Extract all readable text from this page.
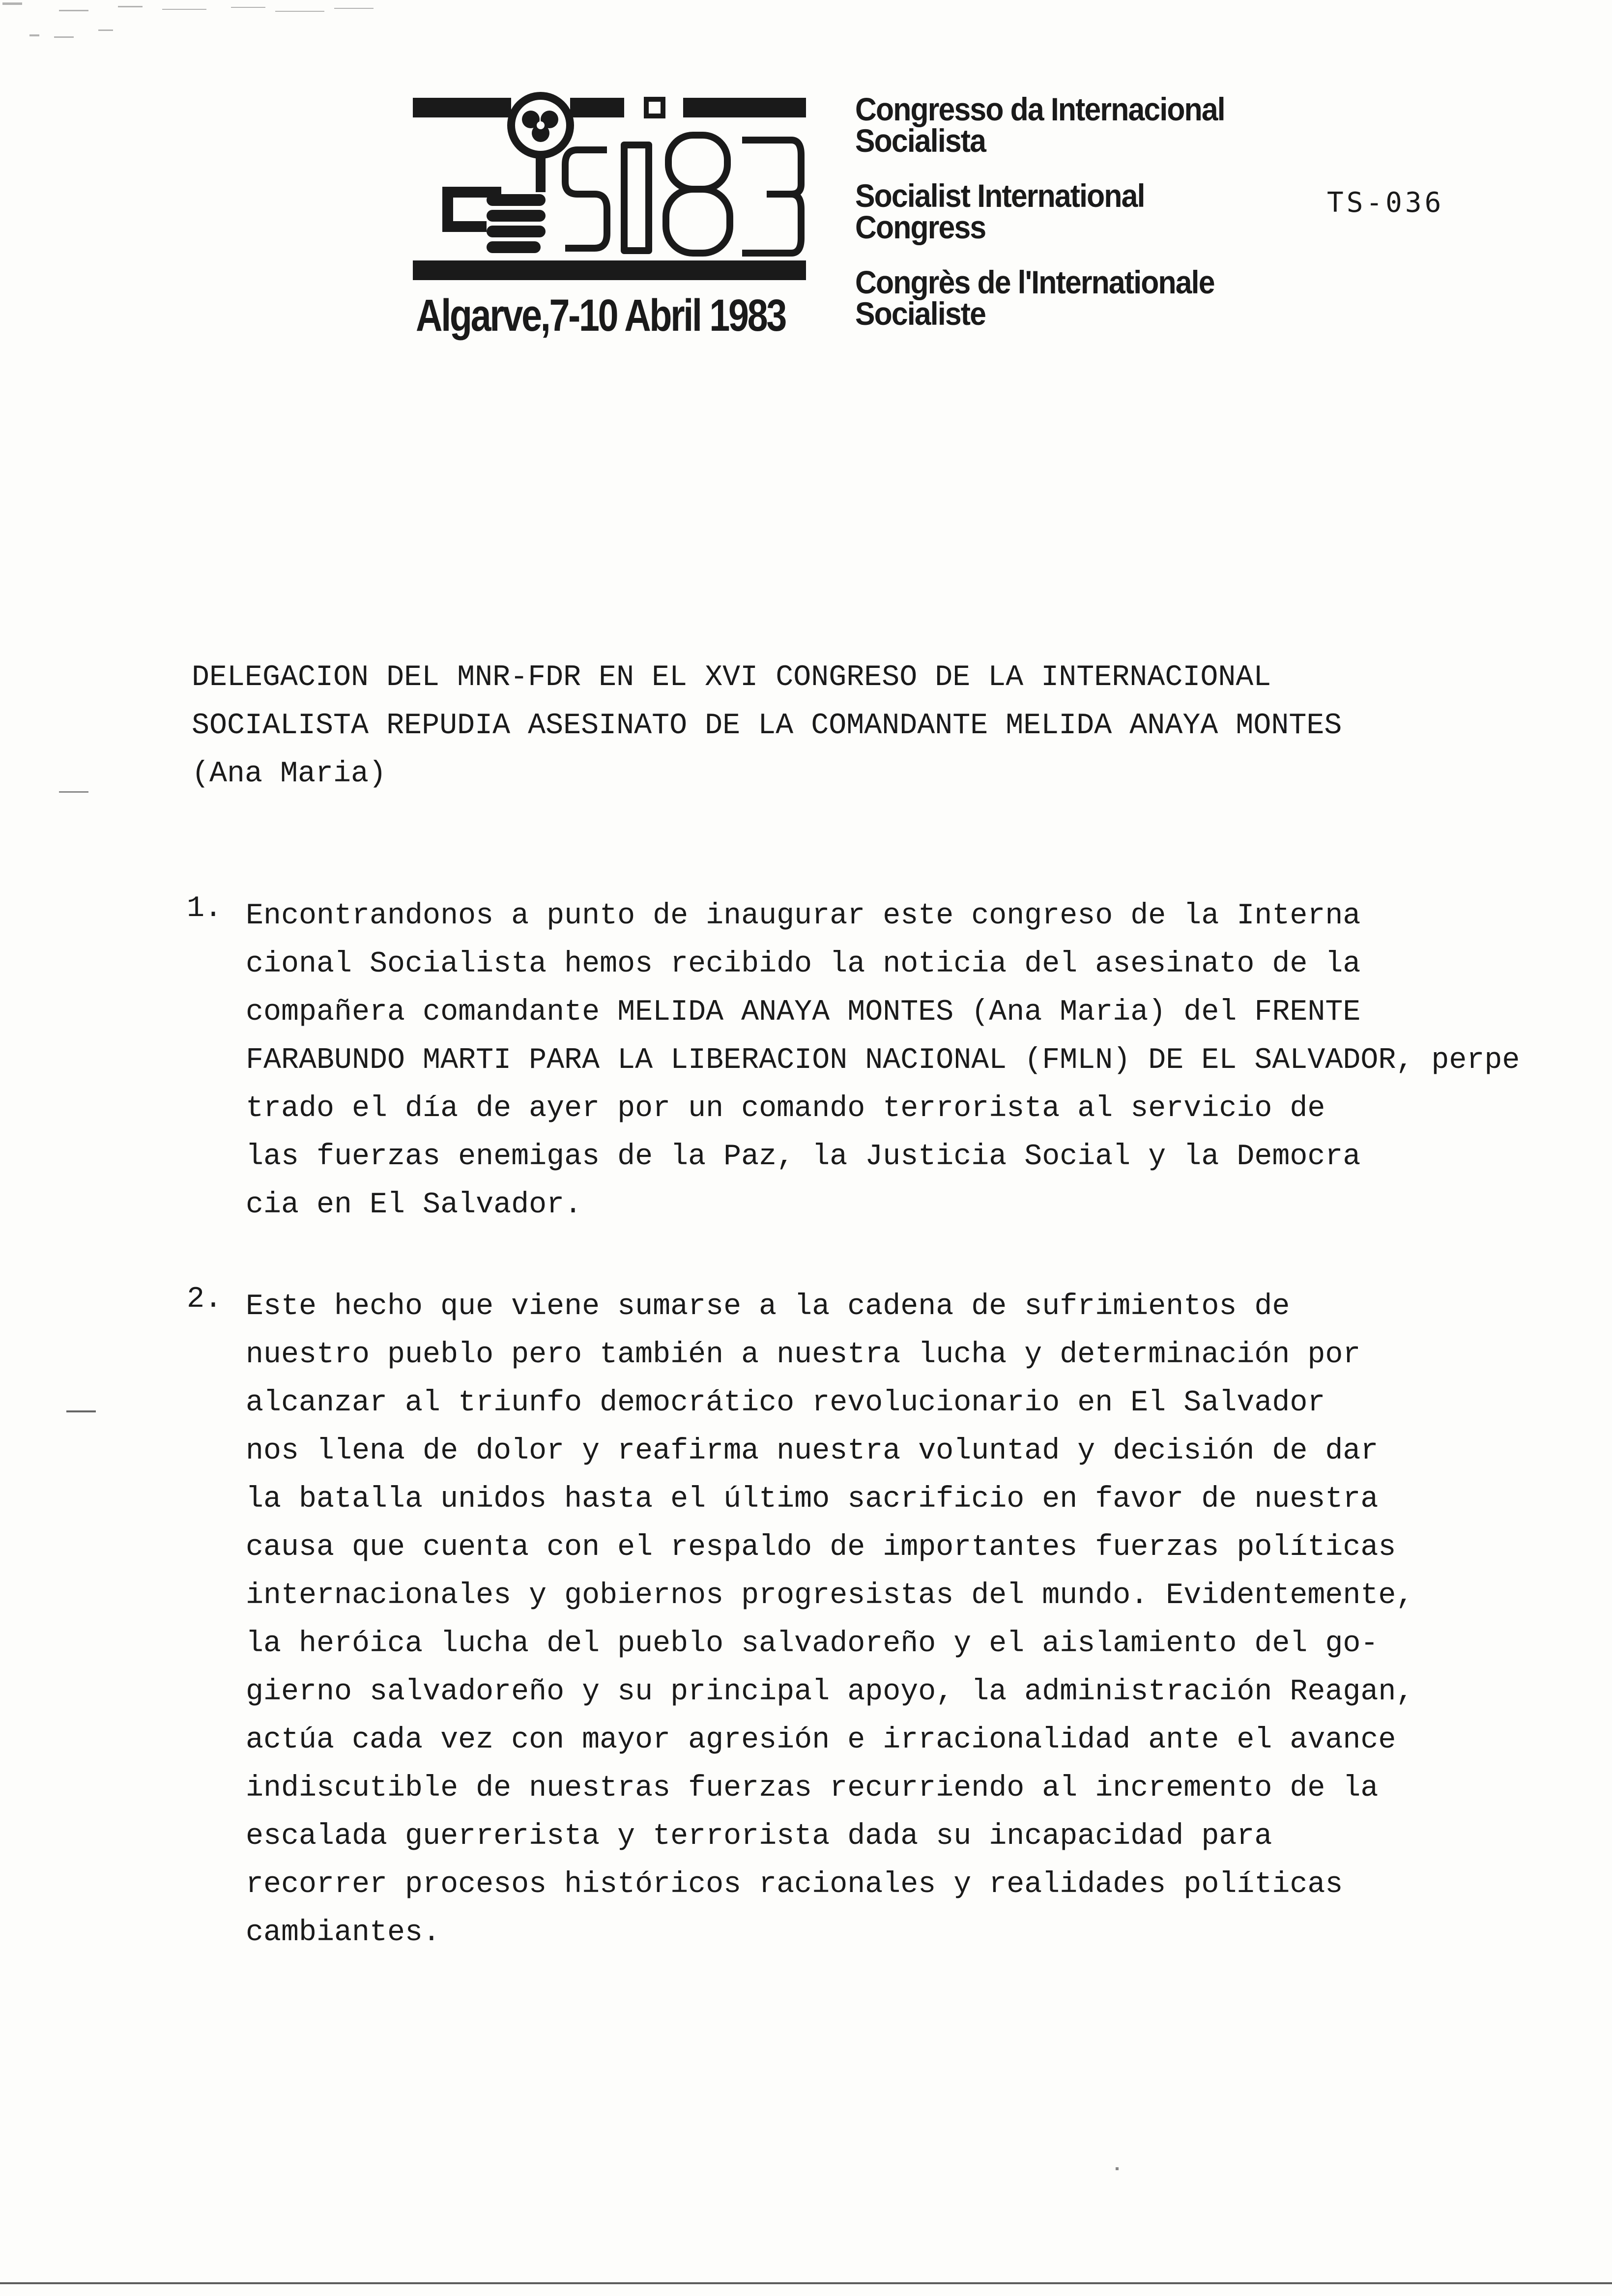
Algarve,7-10 Abril 1983
Congresso da Internacional
Socialista
Socialist International
Congress
Congrès de l'Internationale
Socialiste
TS-036
DELEGACION DEL MNR-FDR EN EL XVI CONGRESO DE LA INTERNACIONAL
SOCIALISTA REPUDIA ASESINATO DE LA COMANDANTE MELIDA ANAYA MONTES
(Ana Maria)
1. Encontrandonos a punto de inaugurar este congreso de la Interna
cional Socialista hemos recibido la noticia del asesinato de la
compañera comandante MELIDA ANAYA MONTES (Ana Maria) del FRENTE
FARABUNDO MARTI PARA LA LIBERACION NACIONAL (FMLN) DE EL SALVADOR, perpe
trado el día de ayer por un comando terrorista al servicio de
las fuerzas enemigas de la Paz, la Justicia Social y la Democra
cia en El Salvador.
2. Este hecho que viene sumarse a la cadena de sufrimientos de
nuestro pueblo pero también a nuestra lucha y determinación por
alcanzar al triunfo democrático revolucionario en El Salvador
nos llena de dolor y reafirma nuestra voluntad y decisión de dar
la batalla unidos hasta el último sacrificio en favor de nuestra
causa que cuenta con el respaldo de importantes fuerzas políticas
internacionales y gobiernos progresistas del mundo. Evidentemente,
la heróica lucha del pueblo salvadoreño y el aislamiento del go-
gierno salvadoreño y su principal apoyo, la administración Reagan,
actúa cada vez con mayor agresión e irracionalidad ante el avance
indiscutible de nuestras fuerzas recurriendo al incremento de la
escalada guerrerista y terrorista dada su incapacidad para
recorrer procesos históricos racionales y realidades políticas
cambiantes.
